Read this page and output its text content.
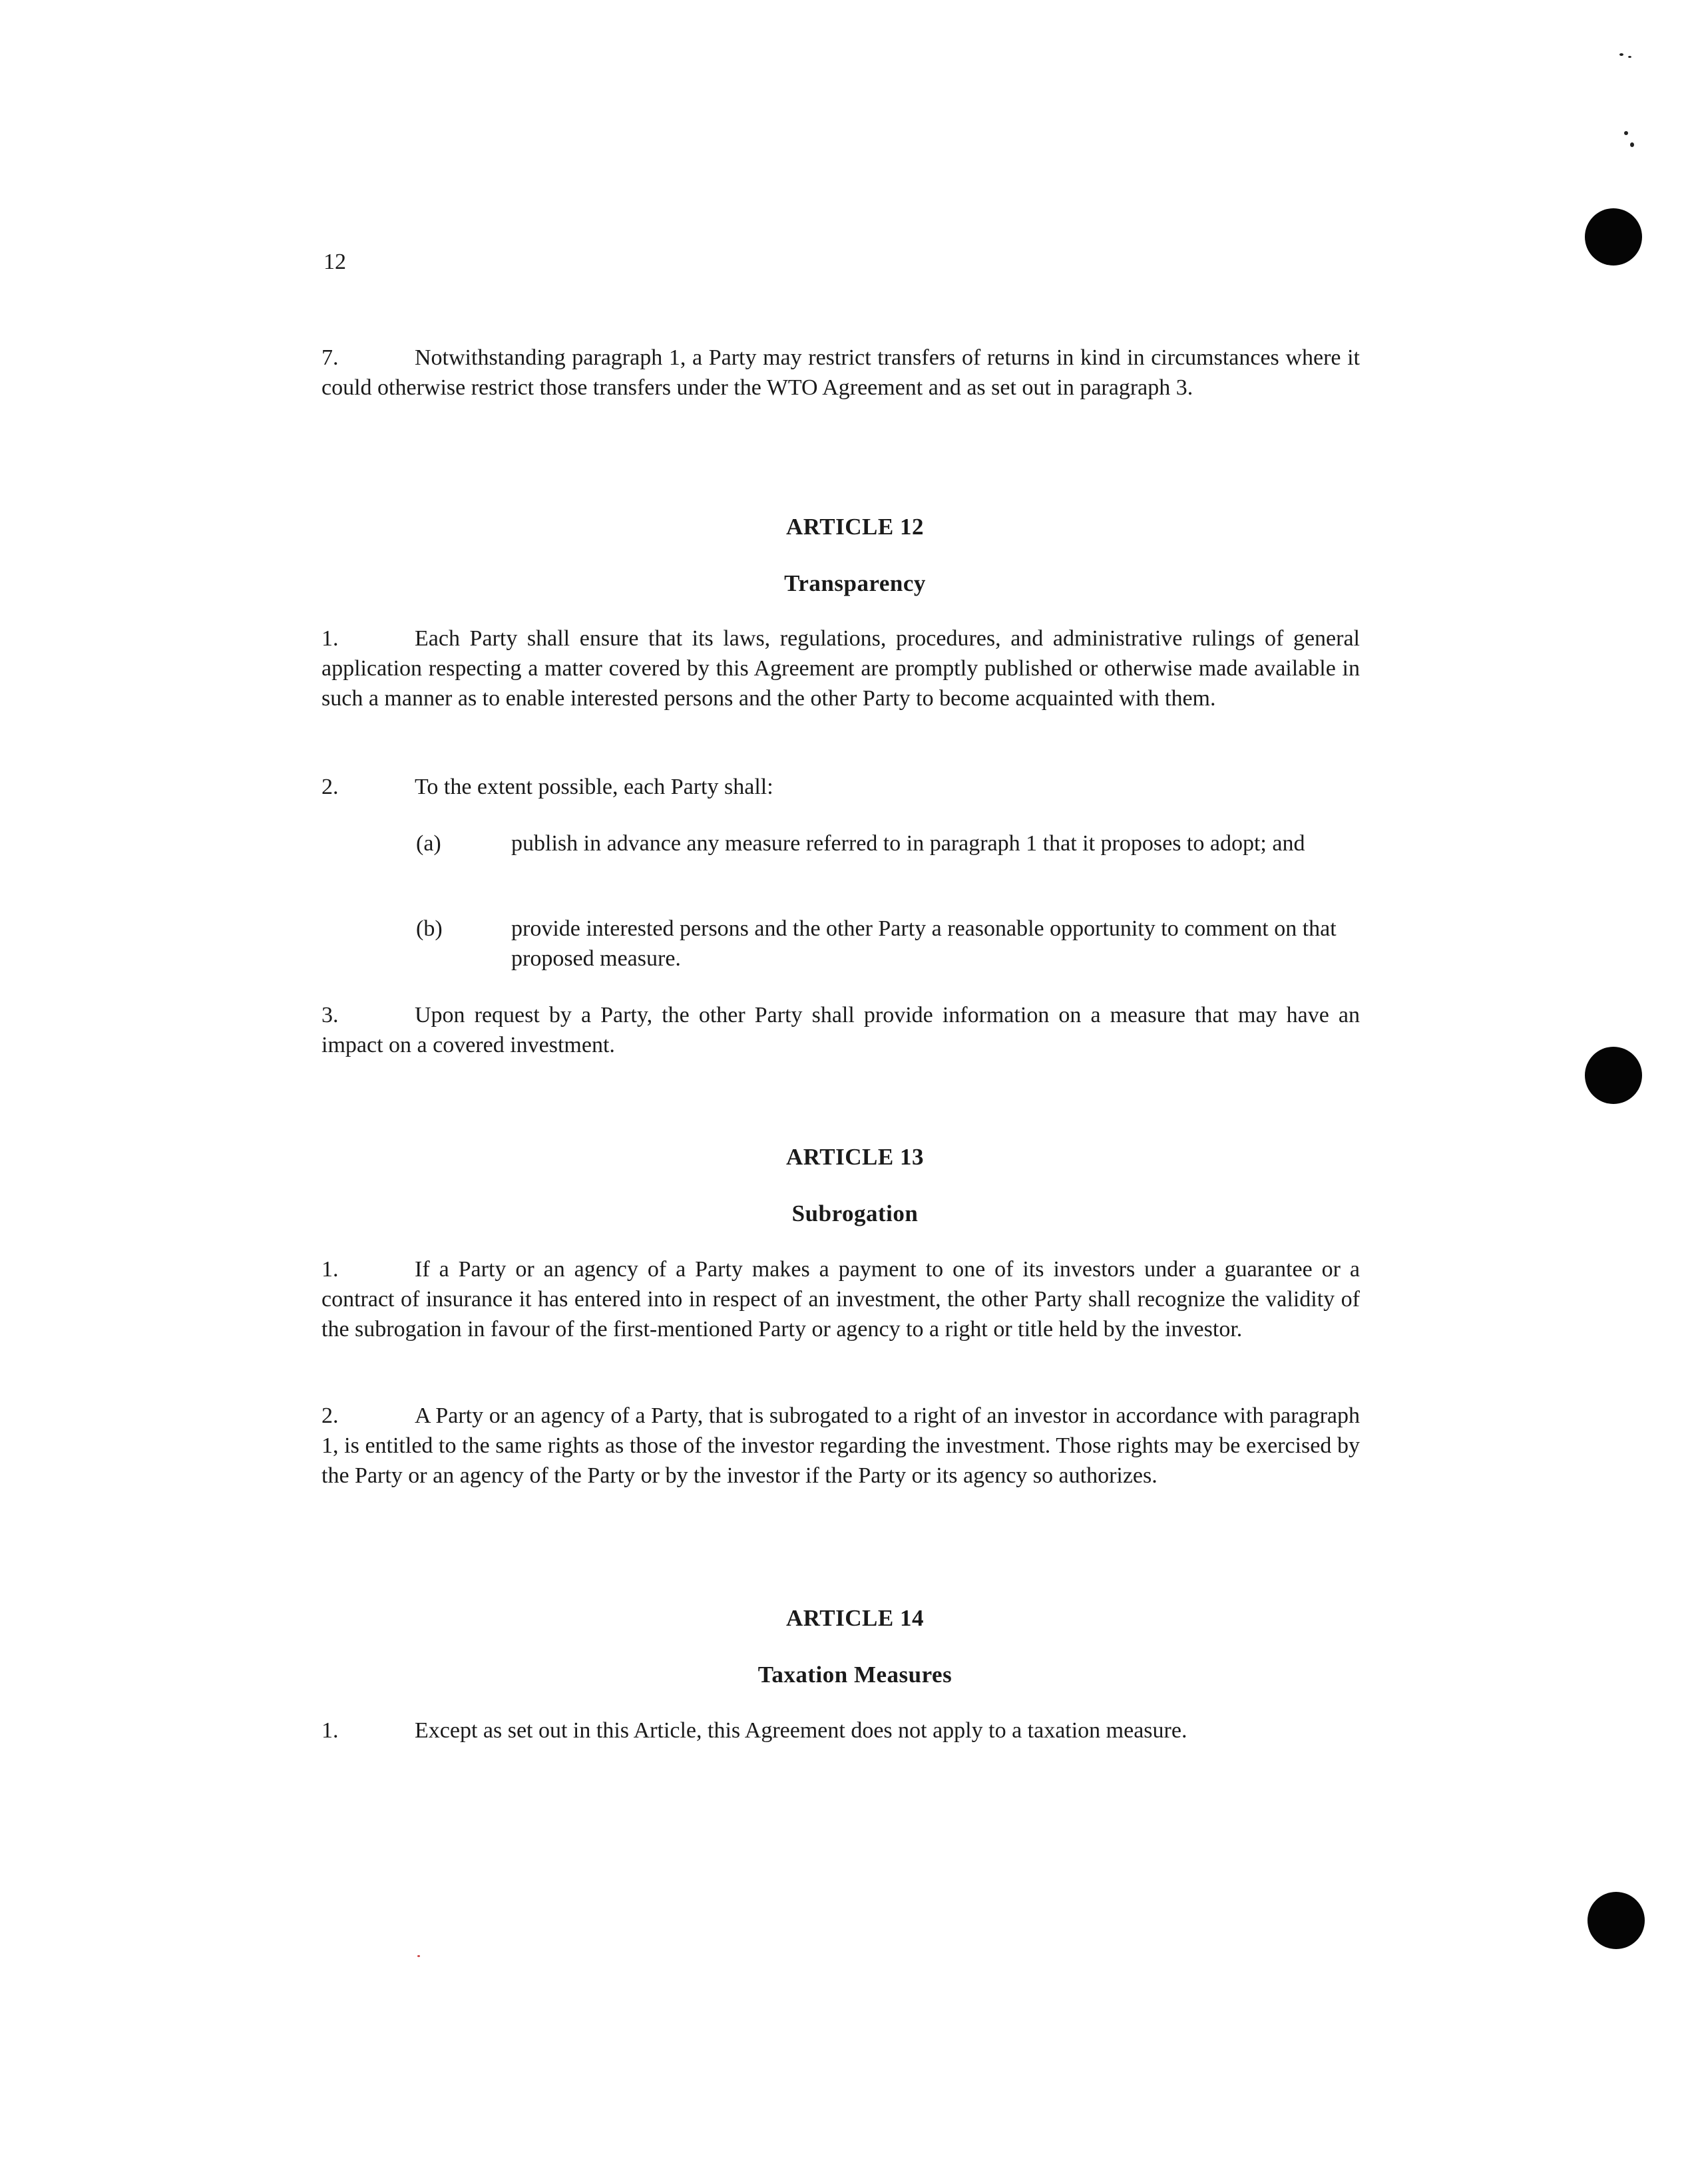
12
7.	Notwithstanding paragraph 1, a Party may restrict transfers of returns in kind in circumstances where it could otherwise restrict those transfers under the WTO Agreement and as set out in paragraph 3.
ARTICLE 12
Transparency
1.	Each Party shall ensure that its laws, regulations, procedures, and administrative rulings of general application respecting a matter covered by this Agreement are promptly published or otherwise made available in such a manner as to enable interested persons and the other Party to become acquainted with them.
2.	To the extent possible, each Party shall:
(a)	publish in advance any measure referred to in paragraph 1 that it proposes to adopt; and
(b)	provide interested persons and the other Party a reasonable opportunity to comment on that proposed measure.
3.	Upon request by a Party, the other Party shall provide information on a measure that may have an impact on a covered investment.
ARTICLE 13
Subrogation
1.	If a Party or an agency of a Party makes a payment to one of its investors under a guarantee or a contract of insurance it has entered into in respect of an investment, the other Party shall recognize the validity of the subrogation in favour of the first-mentioned Party or agency to a right or title held by the investor.
2.	A Party or an agency of a Party, that is subrogated to a right of an investor in accordance with paragraph 1, is entitled to the same rights as those of the investor regarding the investment. Those rights may be exercised by the Party or an agency of the Party or by the investor if the Party or its agency so authorizes.
ARTICLE 14
Taxation Measures
1.	Except as set out in this Article, this Agreement does not apply to a taxation measure.
